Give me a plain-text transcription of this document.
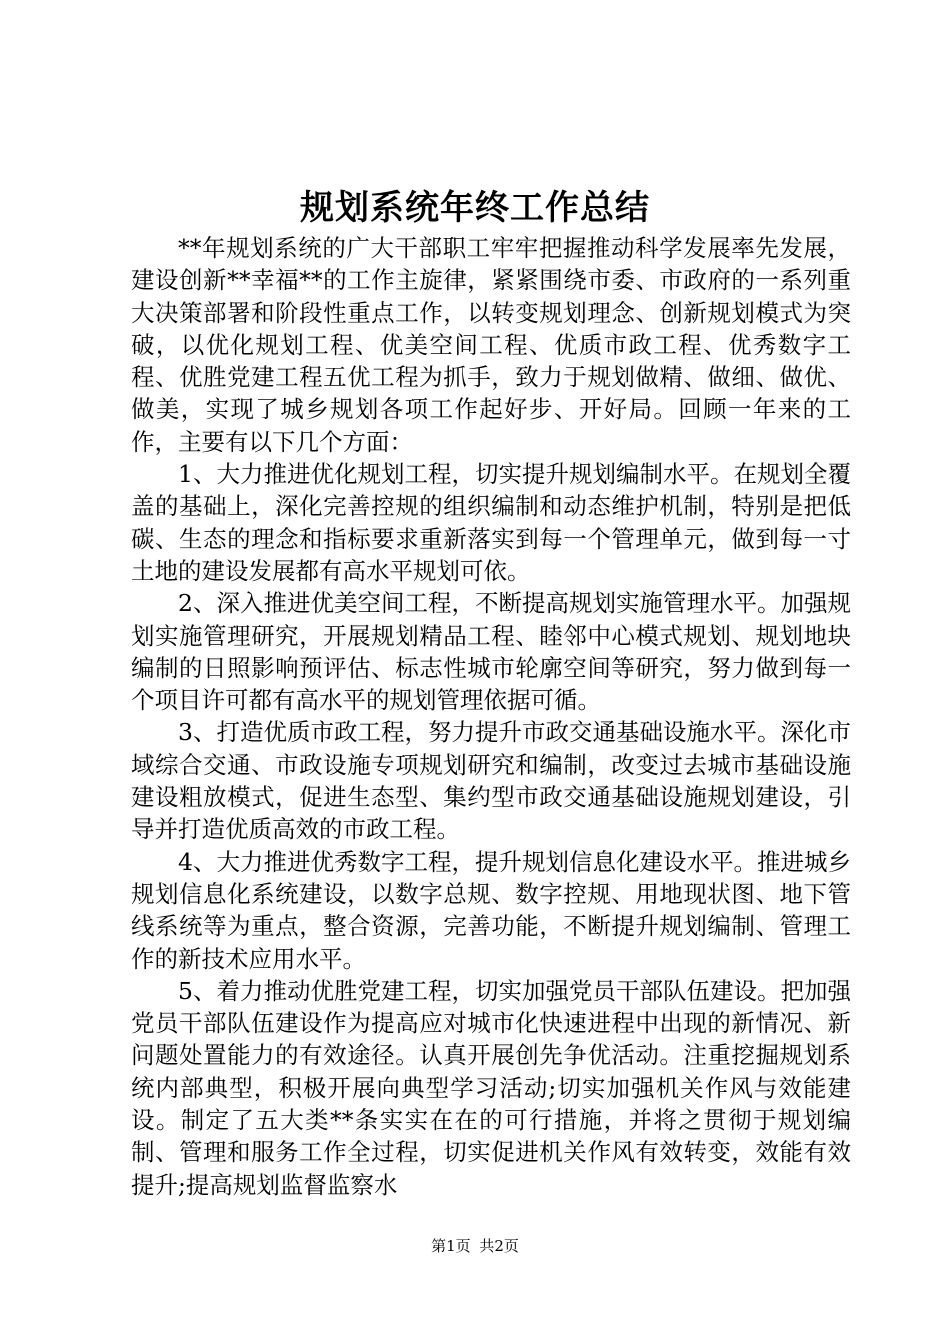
规划系统年终工作总结

**年规划系统的广大干部职工牢牢把握推动科学发展率先发展，建设创新**幸福**的工作主旋律，紧紧围绕市委、市政府的一系列重大决策部署和阶段性重点工作，以转变规划理念、创新规划模式为突破，以优化规划工程、优美空间工程、优质市政工程、优秀数字工程、优胜党建工程五优工程为抓手，致力于规划做精、做细、做优、做美，实现了城乡规划各项工作起好步、开好局。回顾一年来的工作，主要有以下几个方面：

1、大力推进优化规划工程，切实提升规划编制水平。在规划全覆盖的基础上，深化完善控规的组织编制和动态维护机制，特别是把低碳、生态的理念和指标要求重新落实到每一个管理单元，做到每一寸土地的建设发展都有高水平规划可依。

2、深入推进优美空间工程，不断提高规划实施管理水平。加强规划实施管理研究，开展规划精品工程、睦邻中心模式规划、规划地块编制的日照影响预评估、标志性城市轮廓空间等研究，努力做到每一个项目许可都有高水平的规划管理依据可循。

3、打造优质市政工程，努力提升市政交通基础设施水平。深化市域综合交通、市政设施专项规划研究和编制，改变过去城市基础设施建设粗放模式，促进生态型、集约型市政交通基础设施规划建设，引导并打造优质高效的市政工程。

4、大力推进优秀数字工程，提升规划信息化建设水平。推进城乡规划信息化系统建设，以数字总规、数字控规、用地现状图、地下管线系统等为重点，整合资源，完善功能，不断提升规划编制、管理工作的新技术应用水平。

5、着力推动优胜党建工程，切实加强党员干部队伍建设。把加强党员干部队伍建设作为提高应对城市化快速进程中出现的新情况、新问题处置能力的有效途径。认真开展创先争优活动。注重挖掘规划系统内部典型，积极开展向典型学习活动;切实加强机关作风与效能建设。制定了五大类**条实实在在的可行措施，并将之贯彻于规划编制、管理和服务工作全过程，切实促进机关作风有效转变，效能有效提升;提高规划监督监察水

第1页 共2页
